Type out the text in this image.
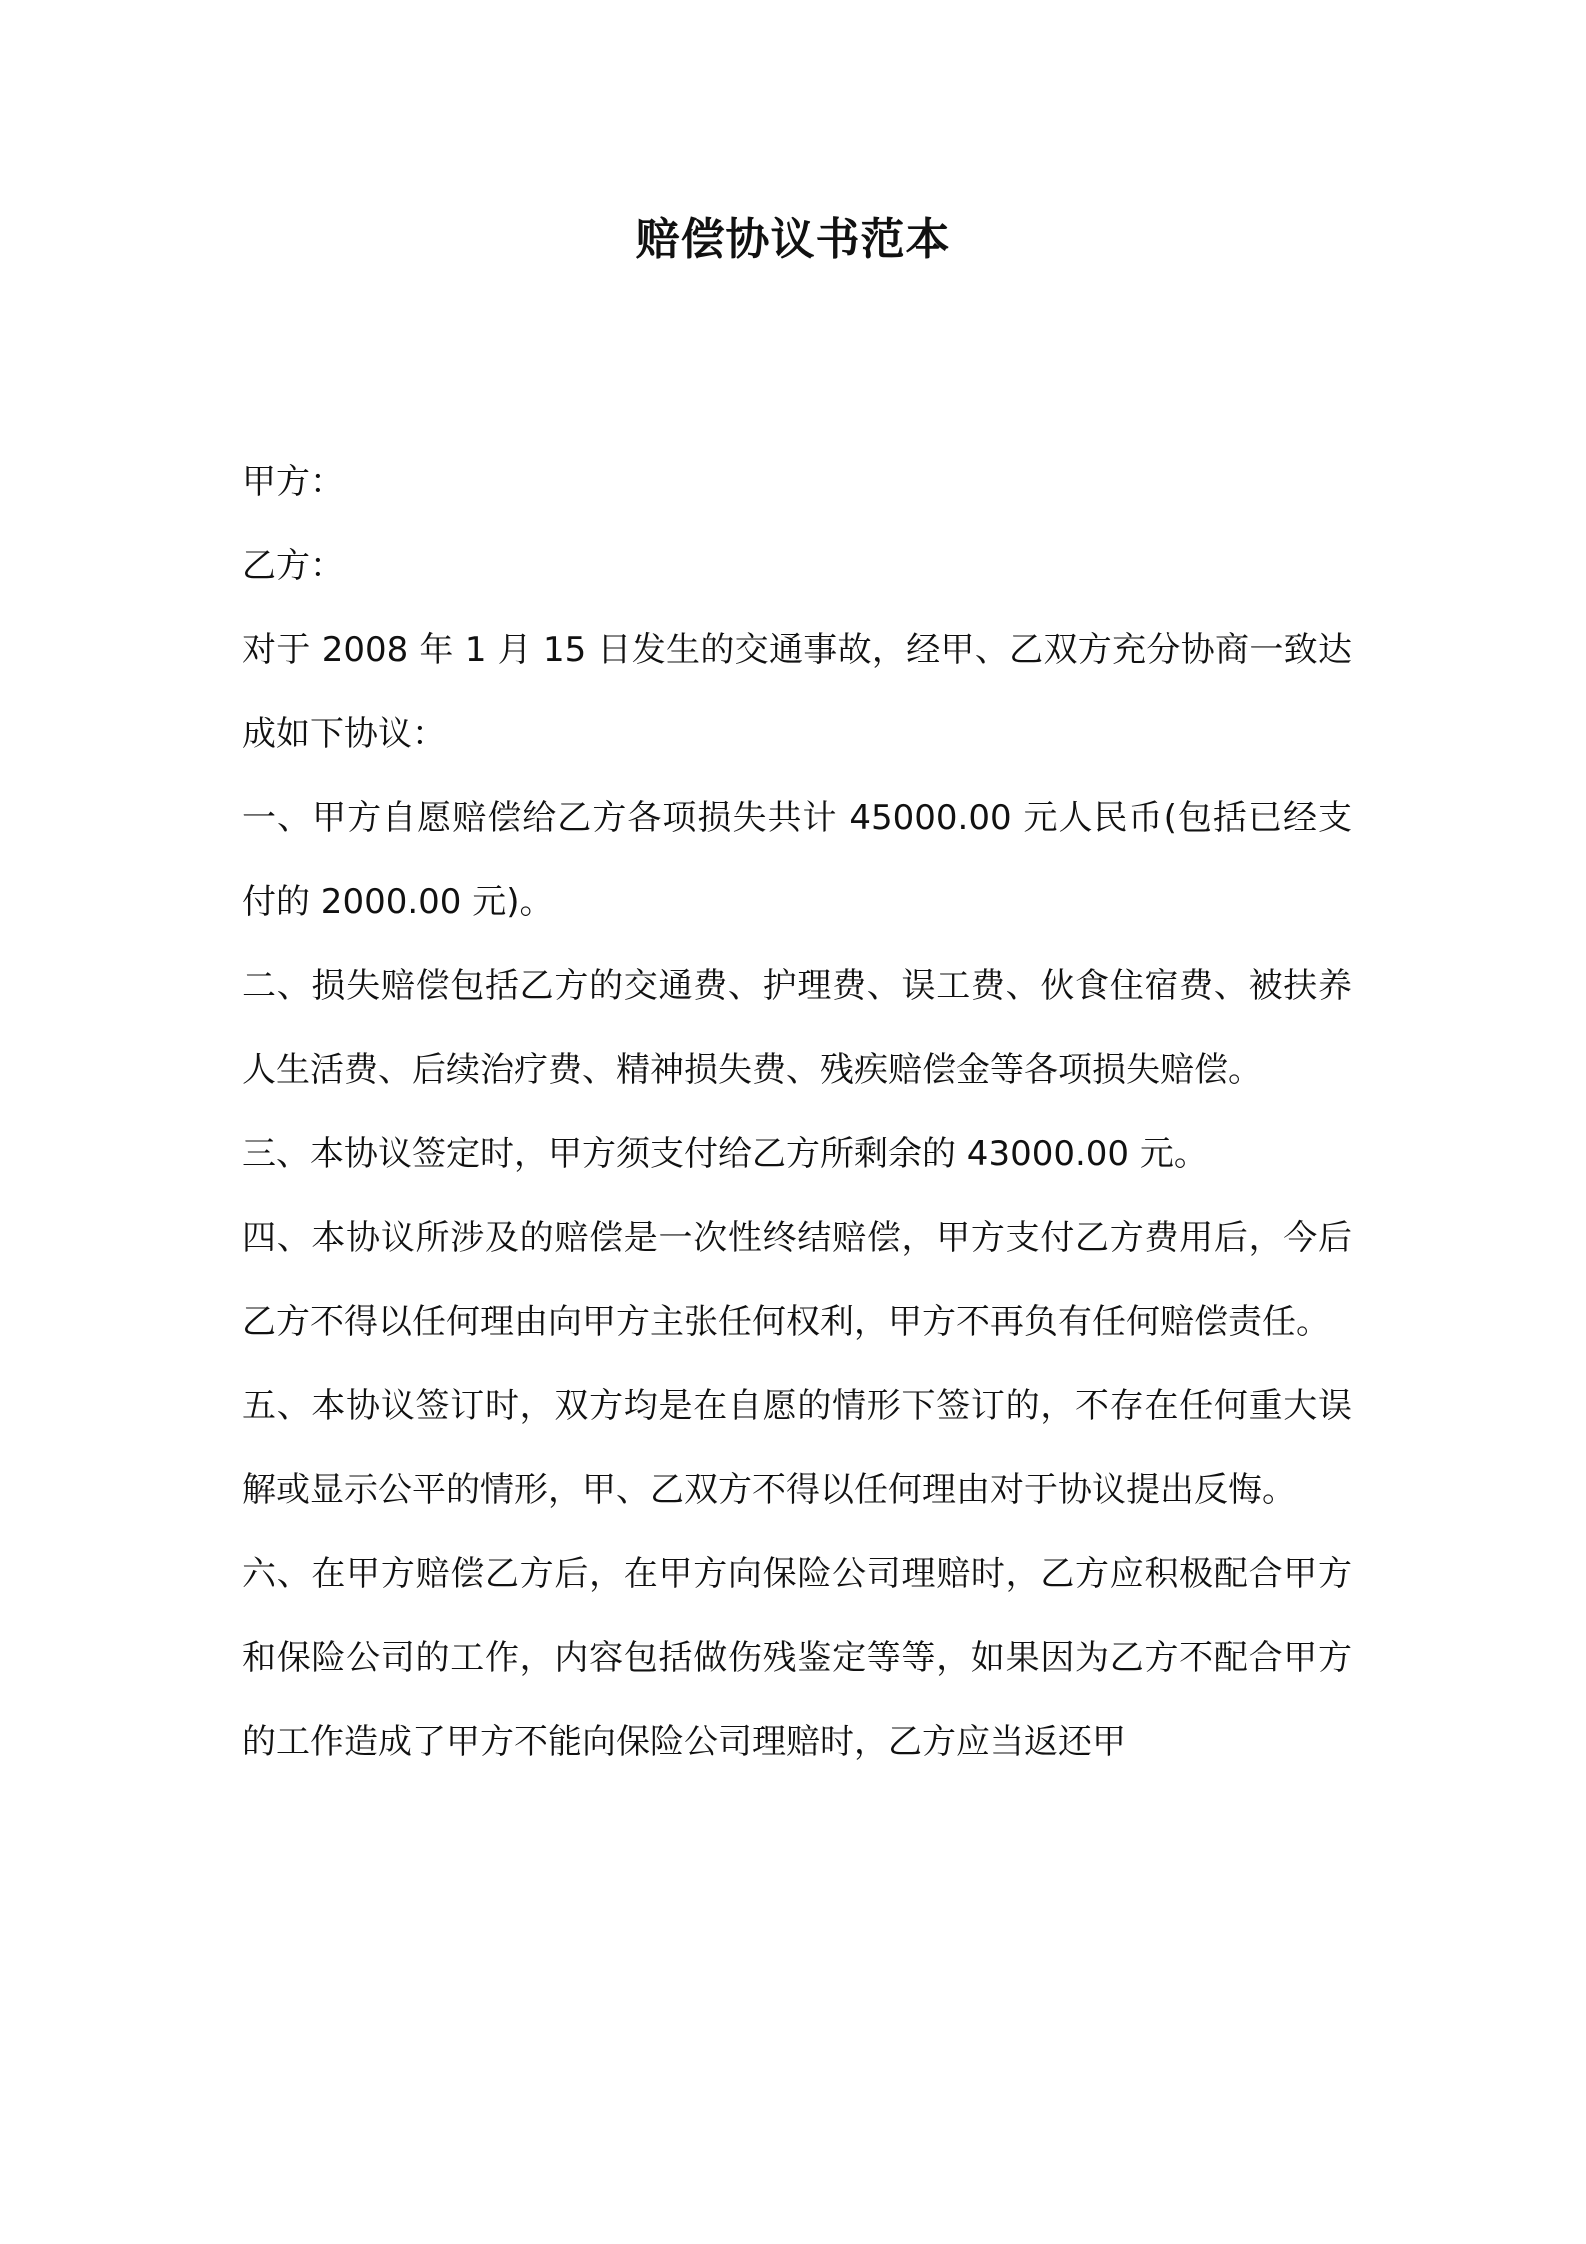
赔偿协议书范本

甲方：

乙方：

对于 2008 年 1 月 15 日发生的交通事故，经甲、乙双方充分协商一致达成如下协议：

一、甲方自愿赔偿给乙方各项损失共计 45000.00 元人民币(包括已经支付的 2000.00 元)。

二、损失赔偿包括乙方的交通费、护理费、误工费、伙食住宿费、被扶养人生活费、后续治疗费、精神损失费、残疾赔偿金等各项损失赔偿。

三、本协议签定时，甲方须支付给乙方所剩余的 43000.00 元。

四、本协议所涉及的赔偿是一次性终结赔偿，甲方支付乙方费用后，今后乙方不得以任何理由向甲方主张任何权利，甲方不再负有任何赔偿责任。

五、本协议签订时，双方均是在自愿的情形下签订的，不存在任何重大误解或显示公平的情形，甲、乙双方不得以任何理由对于协议提出反悔。

六、在甲方赔偿乙方后，在甲方向保险公司理赔时，乙方应积极配合甲方和保险公司的工作，内容包括做伤残鉴定等等，如果因为乙方不配合甲方的工作造成了甲方不能向保险公司理赔时，乙方应当返还甲
